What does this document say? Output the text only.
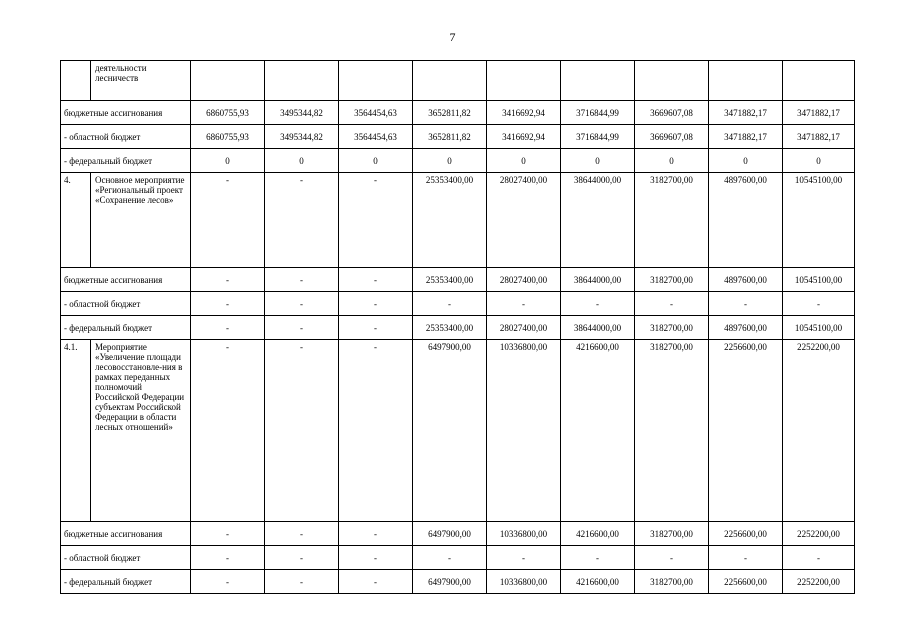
7
	деятельности лесничеств									
бюджетные ассигнования		6860755,93	3495344,82	3564454,63	3652811,82	3416692,94	3716844,99	3669607,08	3471882,17	3471882,17
- областной бюджет		6860755,93	3495344,82	3564454,63	3652811,82	3416692,94	3716844,99	3669607,08	3471882,17	3471882,17
- федеральный бюджет		0	0	0	0	0	0	0	0	0
4.	Основное мероприятие «Региональный проект «Сохранение лесов»	-	-	-	25353400,00	28027400,00	38644000,00	3182700,00	4897600,00	10545100,00
бюджетные ассигнования		-	-	-	25353400,00	28027400,00	38644000,00	3182700,00	4897600,00	10545100,00
- областной бюджет		-	-	-	-	-	-	-	-	-
- федеральный бюджет		-	-	-	25353400,00	28027400,00	38644000,00	3182700,00	4897600,00	10545100,00
4.1.	Мероприятие «Увеличение площади лесовосстановле-ния в рамках переданных полномочий Российской Федерации субъектам Российской Федерации в области лесных отношений»	-	-	-	6497900,00	10336800,00	4216600,00	3182700,00	2256600,00	2252200,00
бюджетные ассигнования		-	-	-	6497900,00	10336800,00	4216600,00	3182700,00	2256600,00	2252200,00
- областной бюджет		-	-	-	-	-	-	-	-	-
- федеральный бюджет		-	-	-	6497900,00	10336800,00	4216600,00	3182700,00	2256600,00	2252200,00
